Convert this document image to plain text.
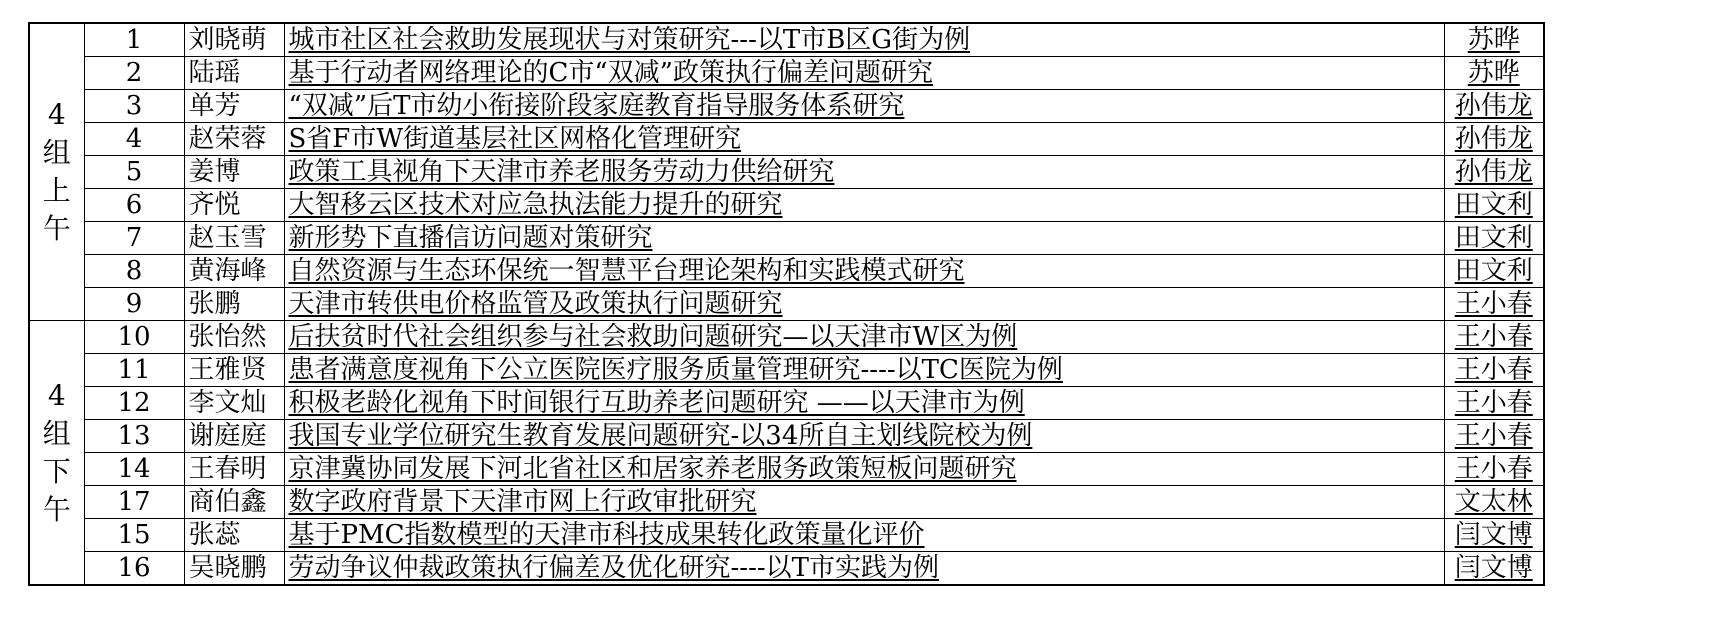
4组上午	1	刘晓萌	城市社区社会救助发展现状与对策研究---以T市B区G街为例	苏晔
	2	陆瑶	基于行动者网络理论的C市“双减”政策执行偏差问题研究	苏晔
	3	单芳	“双减”后T市幼小衔接阶段家庭教育指导服务体系研究	孙伟龙
	4	赵荣蓉	S省F市W街道基层社区网格化管理研究	孙伟龙
	5	姜博	政策工具视角下天津市养老服务劳动力供给研究	孙伟龙
	6	齐悦	大智移云区技术对应急执法能力提升的研究	田文利
	7	赵玉雪	新形势下直播信访问题对策研究	田文利
	8	黄海峰	自然资源与生态环保统一智慧平台理论架构和实践模式研究	田文利
	9	张鹏	天津市转供电价格监管及政策执行问题研究	王小春
4组下午	10	张怡然	后扶贫时代社会组织参与社会救助问题研究—以天津市W区为例	王小春
	11	王雅贤	患者满意度视角下公立医院医疗服务质量管理研究----以TC医院为例	王小春
	12	李文灿	积极老龄化视角下时间银行互助养老问题研究 ——以天津市为例	王小春
	13	谢庭庭	我国专业学位研究生教育发展问题研究-以34所自主划线院校为例	王小春
	14	王春明	京津冀协同发展下河北省社区和居家养老服务政策短板问题研究	王小春
	17	商伯鑫	数字政府背景下天津市网上行政审批研究	文太林
	15	张蕊	基于PMC指数模型的天津市科技成果转化政策量化评价	闫文博
	16	吴晓鹏	劳动争议仲裁政策执行偏差及优化研究----以T市实践为例	闫文博
